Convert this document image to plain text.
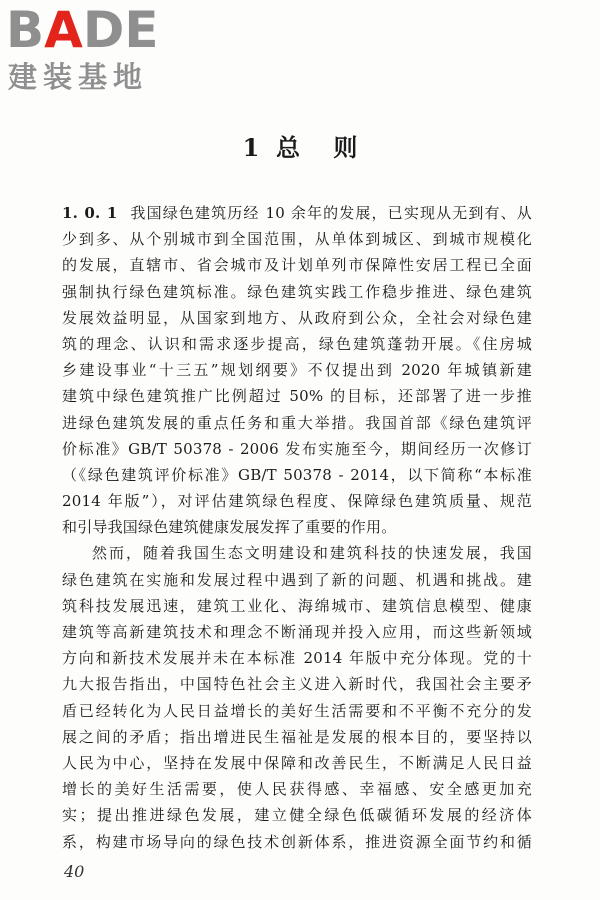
BADE
建装基地
1  总    则
1. 0. 1 我国绿色建筑历经 10 余年的发展，已实现从无到有、从
少到多、从个别城市到全国范围，从单体到城区、到城市规模化
的发展，直辖市、省会城市及计划单列市保障性安居工程已全面
强制执行绿色建筑标准。绿色建筑实践工作稳步推进、绿色建筑
发展效益明显，从国家到地方、从政府到公众，全社会对绿色建
筑的理念、认识和需求逐步提高，绿色建筑蓬勃开展。《住房城
乡建设事业“十三五”规划纲要》不仅提出到 2020 年城镇新建
建筑中绿色建筑推广比例超过 50% 的目标，还部署了进一步推
进绿色建筑发展的重点任务和重大举措。我国首部《绿色建筑评
价标准》GB/T 50378 - 2006 发布实施至今，期间经历一次修订
（《绿色建筑评价标准》GB/T 50378 - 2014，以下简称“本标准
2014 年版”），对评估建筑绿色程度、保障绿色建筑质量、规范
和引导我国绿色建筑健康发展发挥了重要的作用。
然而，随着我国生态文明建设和建筑科技的快速发展，我国
绿色建筑在实施和发展过程中遇到了新的问题、机遇和挑战。建
筑科技发展迅速，建筑工业化、海绵城市、建筑信息模型、健康
建筑等高新建筑技术和理念不断涌现并投入应用，而这些新领域
方向和新技术发展并未在本标准 2014 年版中充分体现。党的十
九大报告指出，中国特色社会主义进入新时代，我国社会主要矛
盾已经转化为人民日益增长的美好生活需要和不平衡不充分的发
展之间的矛盾；指出增进民生福祉是发展的根本目的，要坚持以
人民为中心，坚持在发展中保障和改善民生，不断满足人民日益
增长的美好生活需要，使人民获得感、幸福感、安全感更加充
实；提出推进绿色发展，建立健全绿色低碳循环发展的经济体
系，构建市场导向的绿色技术创新体系，推进资源全面节约和循
40
